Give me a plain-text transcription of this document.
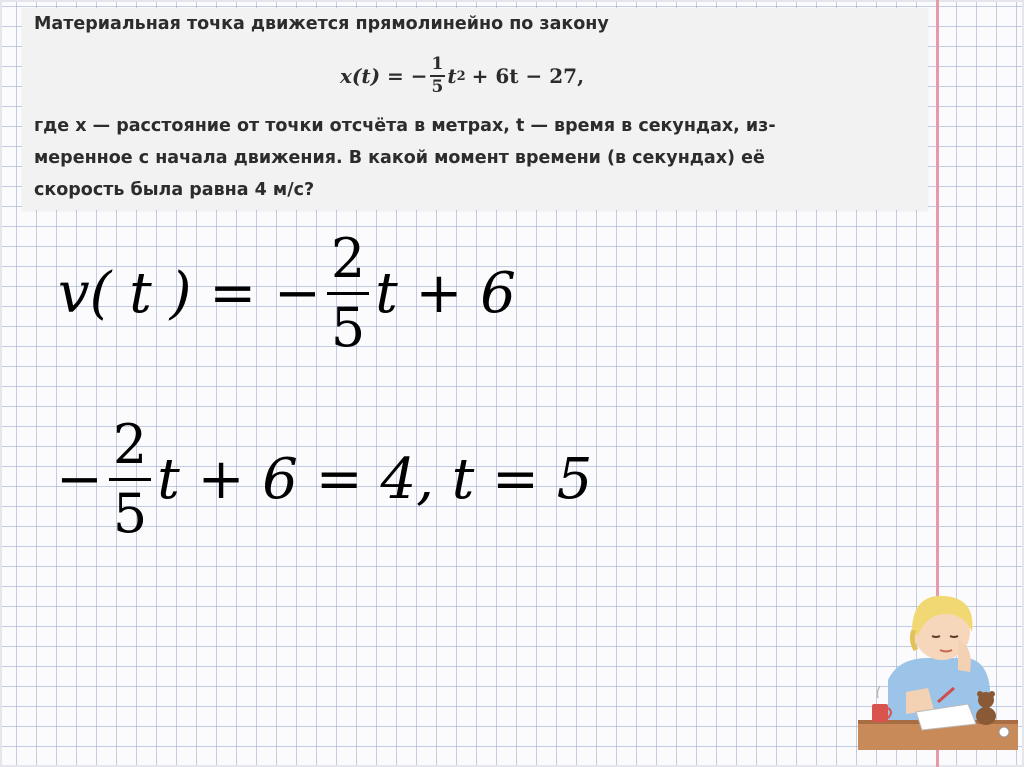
Материальная точка движется прямолинейно по закону

x(t) = − $\frac{1}{5}$ t 2 + 6t − 27,

где x — расстояние от точки отсчёта в метрах, t — время в секундах, из-

меренное с начала движения. В какой момент времени (в секундах) её

скорость была равна 4 м/с?

v( t ) = − $\frac{2}{5}$ t + 6
− $\frac{2}{5}$ t + 6 = 4, t = 5
